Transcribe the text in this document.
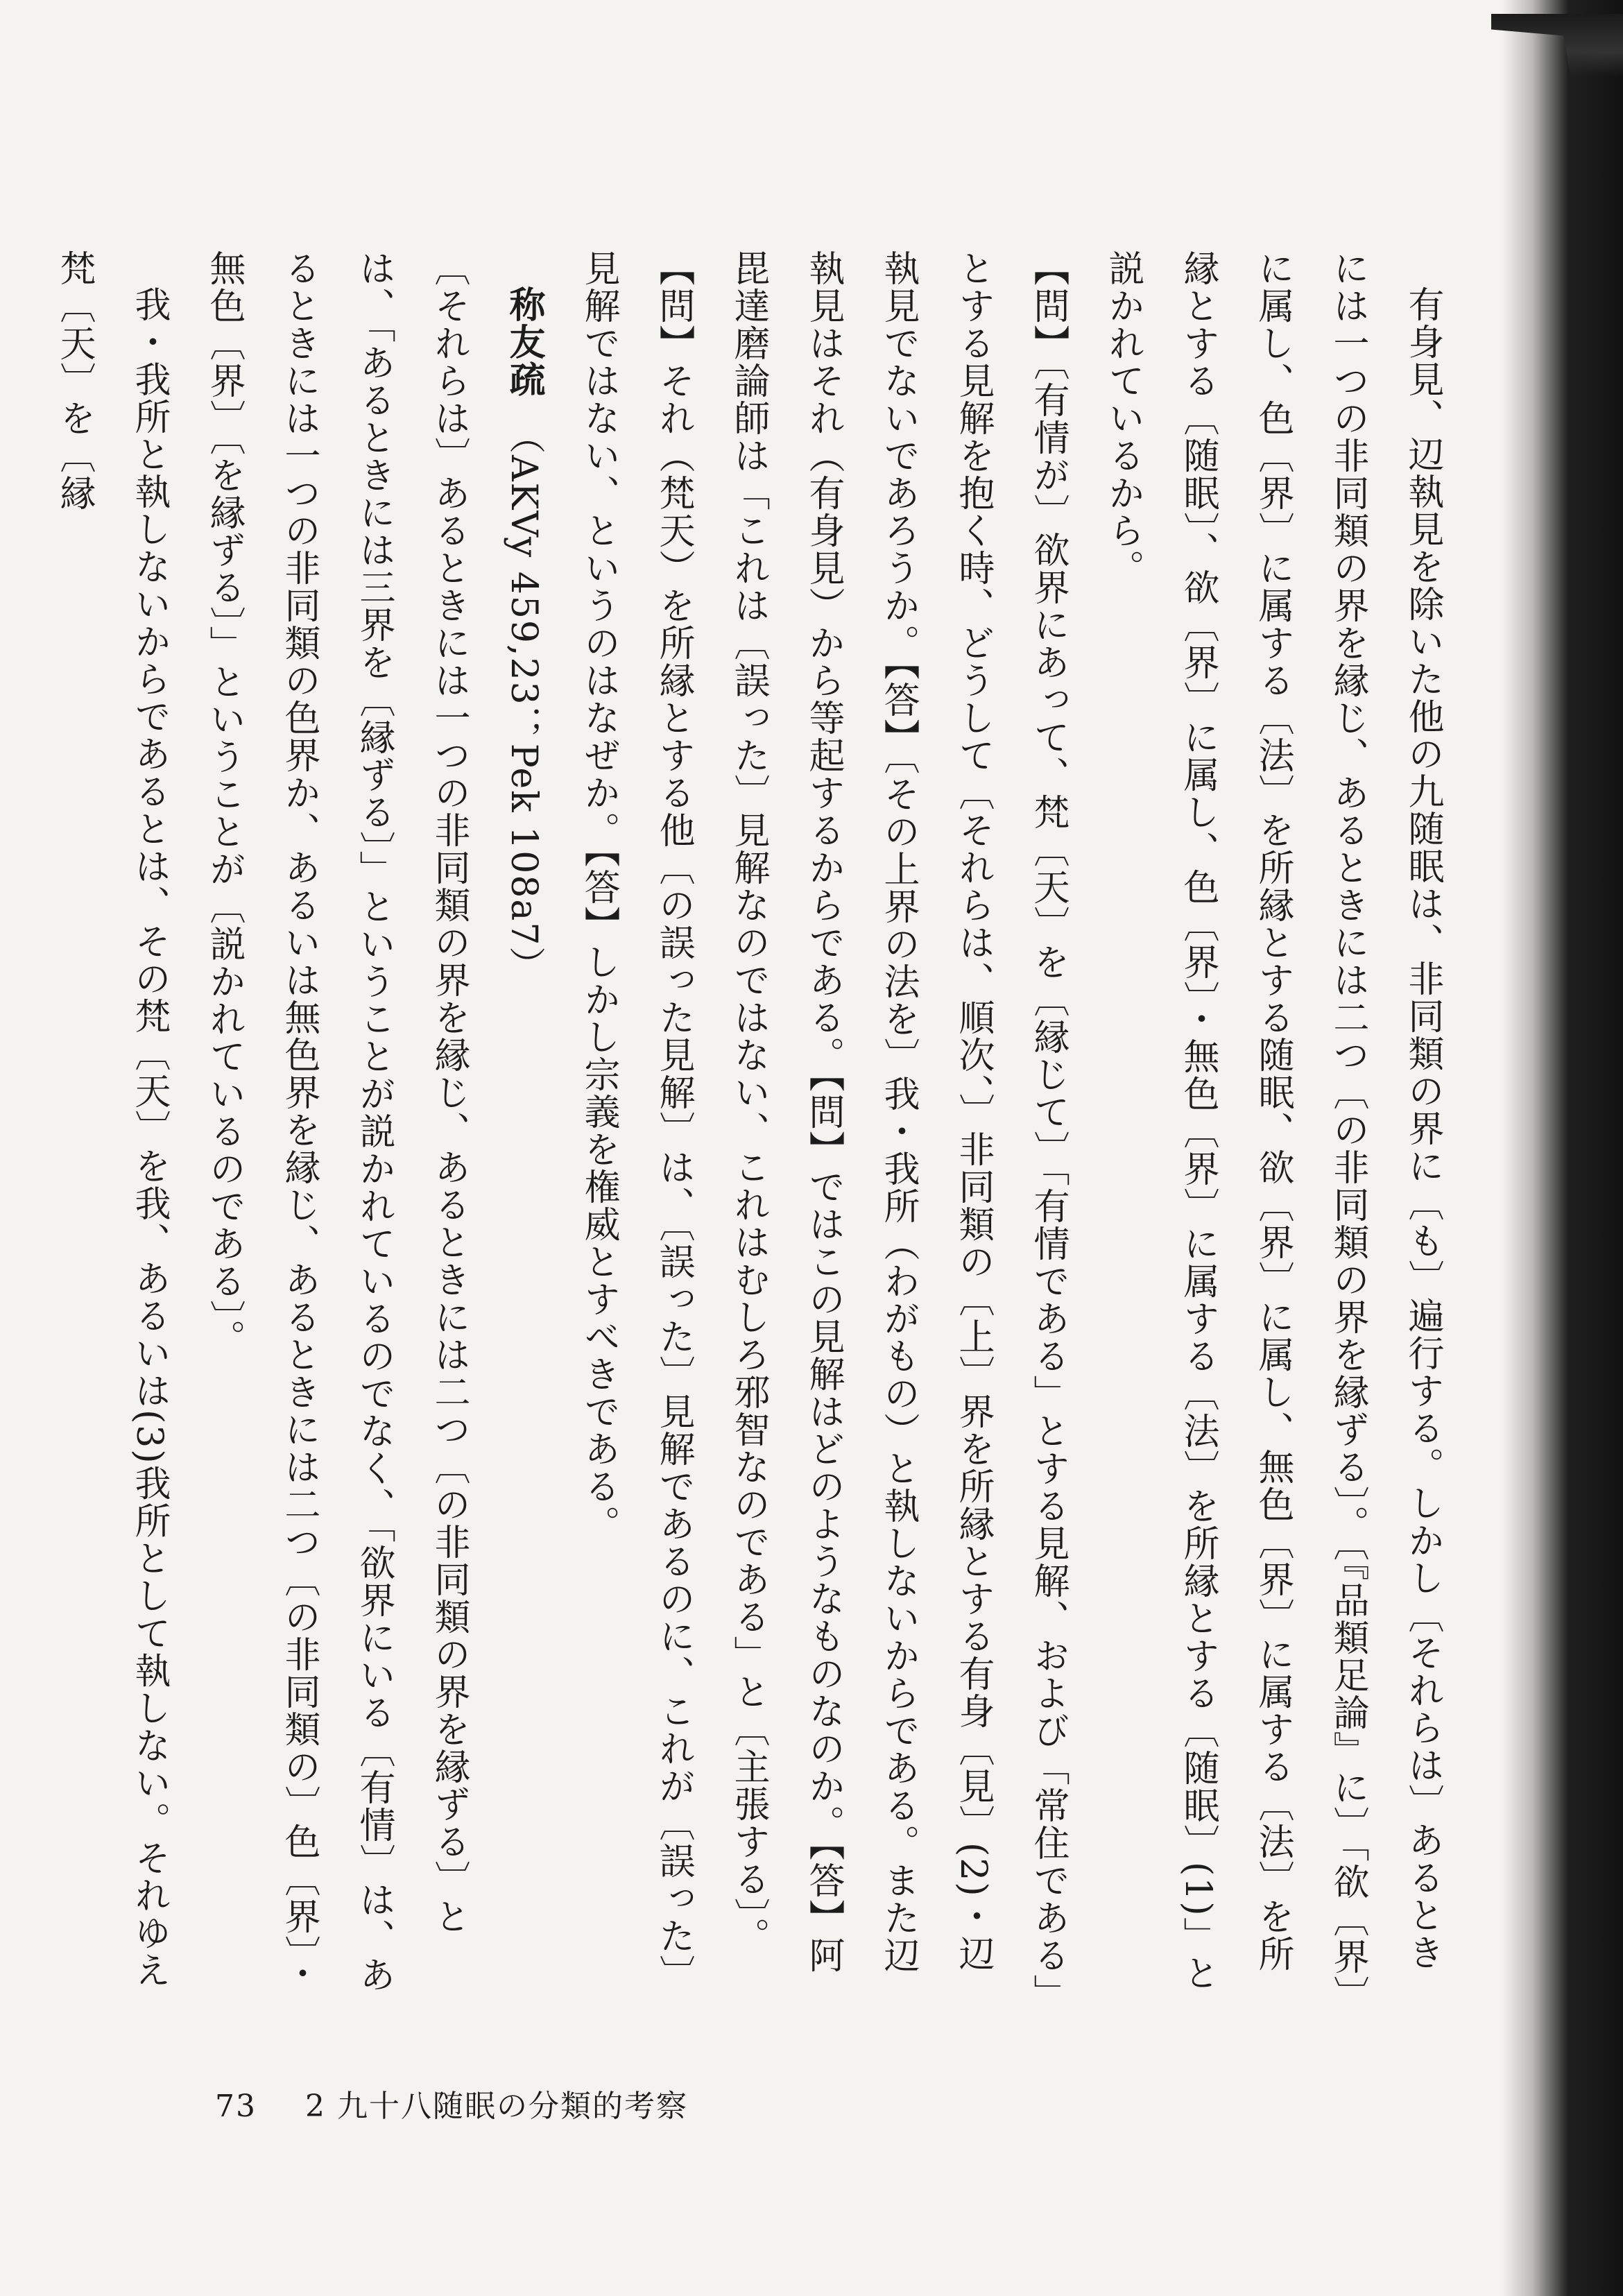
有身見、辺執見を除いた他の九随眠は、非同類の界に〔も〕遍行する。しかし〔それらは〕あるときには一つの非同類の界を縁じ、あるときには二つ〔の非同類の界を縁ずる〕。〔『品類足論』に〕「欲〔界〕に属し、色〔界〕に属する〔法〕を所縁とする随眠、欲〔界〕に属し、無色〔界〕に属する〔法〕を所縁とする〔随眠〕、欲〔界〕に属し、色〔界〕・無色〔界〕に属する〔法〕を所縁とする〔随眠〕(1)」と説かれているから。

【問】〔有情が〕欲界にあって、梵〔天〕を〔縁じて〕「有情である」とする見解、および「常住である」とする見解を抱く時、どうして〔それらは、順次、〕非同類の〔上〕界を所縁とする有身〔見〕(2)・辺執見でないであろうか。【答】〔その上界の法を〕我・我所（わがもの）と執しないからである。また辺執見はそれ（有身見）から等起するからである。【問】ではこの見解はどのようなものなのか。【答】阿毘達磨論師は「これは〔誤った〕見解なのではない、これはむしろ邪智なのである」と〔主張する〕。【問】それ（梵天）を所縁とする他〔の誤った見解〕は、〔誤った〕見解であるのに、これが〔誤った〕見解ではない、というのはなぜか。【答】しかし宗義を権威とすべきである。

称友疏　（AKVy 459,23；Pek 108a7）

〔それらは〕あるときには一つの非同類の界を縁じ、あるときには二つ〔の非同類の界を縁ずる〕とは、「あるときには三界を〔縁ずる〕」ということが説かれているのでなく、「欲界にいる〔有情〕は、あるときには一つの非同類の色界か、あるいは無色界を縁じ、あるときには二つ〔の非同類の〕色〔界〕・無色〔界〕〔を縁ずる〕」ということが〔説かれているのである〕。

我・我所と執しないからであるとは、その梵〔天〕を我、あるいは(3)我所として執しない。それゆえ梵〔天〕を〔縁

73 2 九十八随眠の分類的考察
